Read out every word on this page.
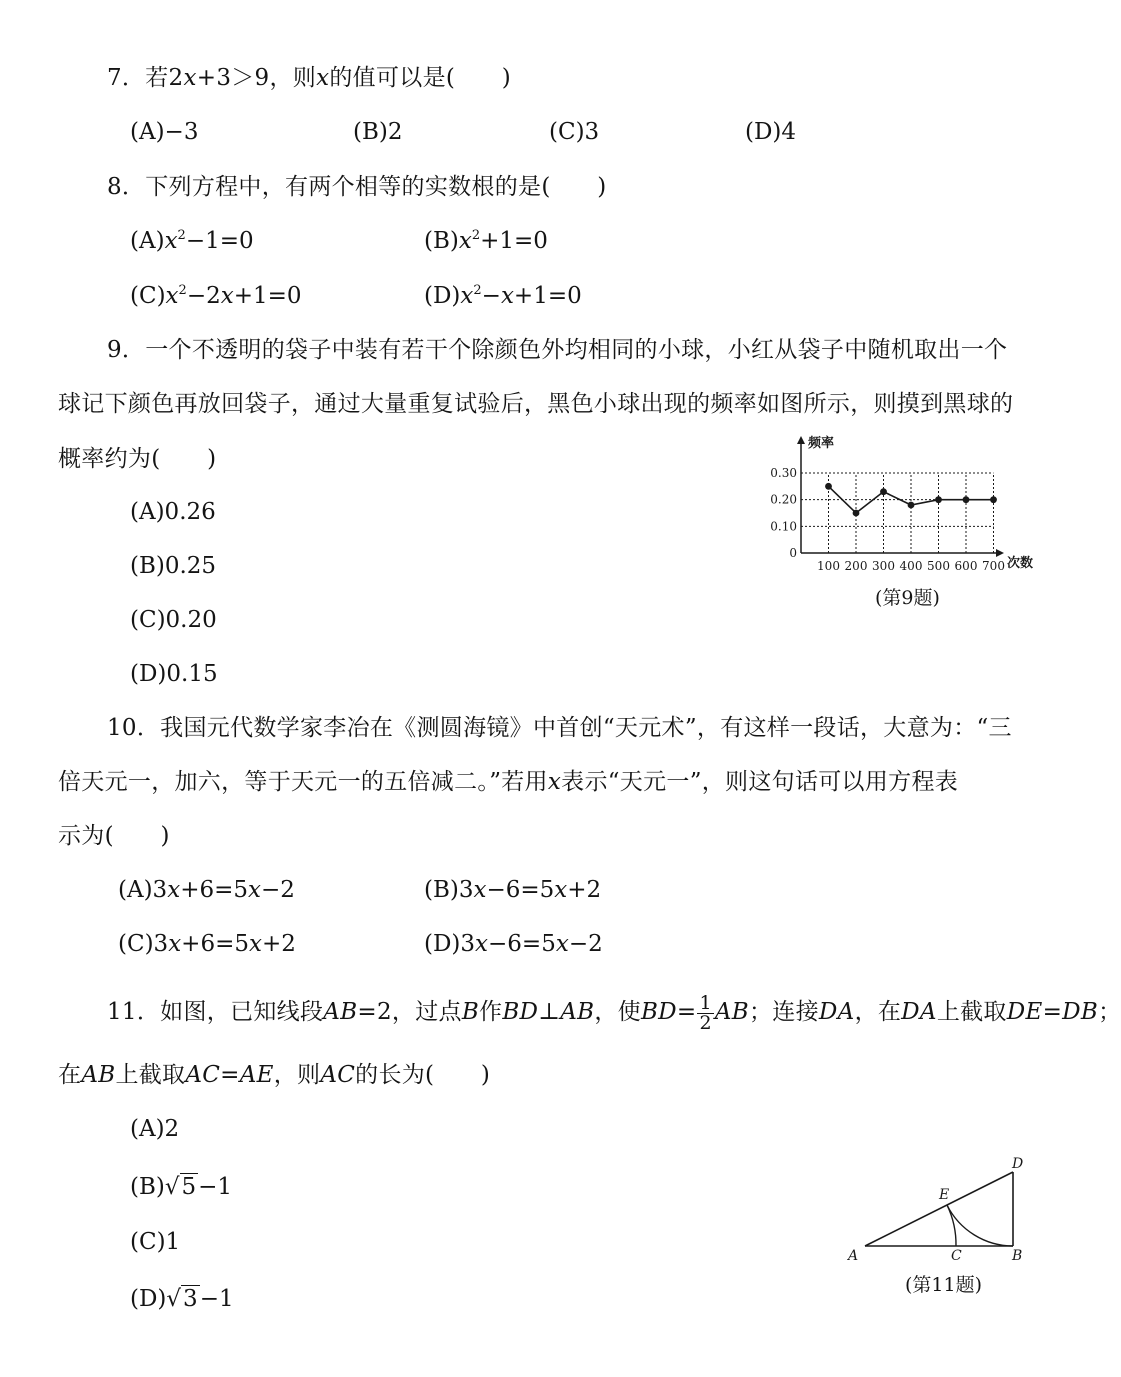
7．若2x+3＞9，则x的值可以是(　　)
(A)−3	(B)2	(C)3	(D)4
8．下列方程中，有两个相等的实数根的是(　　)
$(A)x^2-1=0$	$(B)x^2+1=0$
$(C)x^2-2x+1=0$	$(D)x^2-x+1=0$
9．一个不透明的袋子中装有若干个除颜色外均相同的小球，小红从袋子中随机取出一个
球记下颜色再放回袋子，通过大量重复试验后，黑色小球出现的频率如图所示，则摸到黑球的
概率约为(　　)
(A)0.26
(B)0.25
(C)0.20
(D)0.15
0.30
0.20
0.10
0
100 200 300 400 500 600 700
频率
次数
(第9题)
10．我国元代数学家李冶在《测圆海镜》中首创“天元术”，有这样一段话，大意为：“三
倍天元一，加六，等于天元一的五倍减二。”若用x表示“天元一”，则这句话可以用方程表
示为(　　)
(A)3x+6=5x−2	(B)3x−6=5x+2
(C)3x+6=5x+2	(D)3x−6=5x−2
11．如图，已知线段AB=2，过点B作BD⊥AB，使$BD= \frac{1}{2}$ AB；连接DA，在DA上截取DE=DB；
在AB上截取AC=AE，则AC的长为(　　)
(A)2
(B)√5−1
(C)1
(D)√3−1
A	B
C
D
E
(第11题)
